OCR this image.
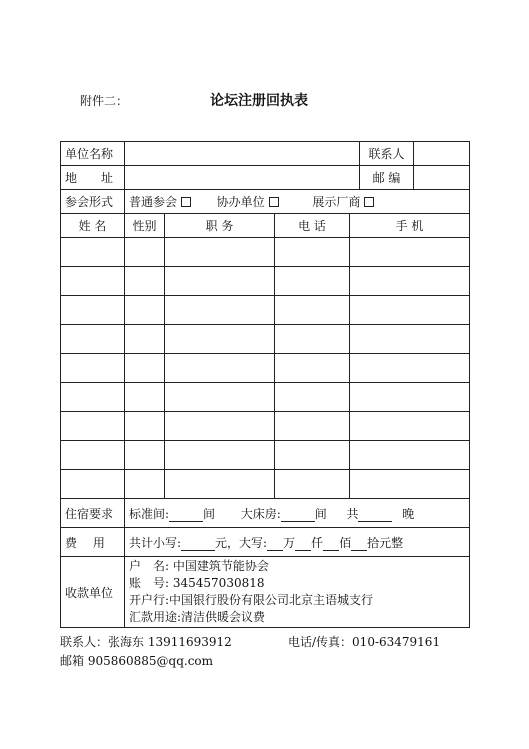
附件二：	论坛注册回执表
单位名称					联系人	
地　　址					邮 编	
参会形式	普通参会 协办单位 展示厂商					
姓 名	性别	职 务	电 话	手 机		

住宿要求	标准间: 间 大床房: 间 共 晚					
费　 用	共计小写: 元，大写: 万 仟 佰 拾元整					
收款单位	户　名: 中国建筑节能协会
账　号: 345457030818
开户行:中国银行股份有限公司北京主语城支行
汇款用途:清洁供暖会议费					
联系人：张海东 13911693912	电话/传真：010-63479161
邮箱 905860885@qq.com
